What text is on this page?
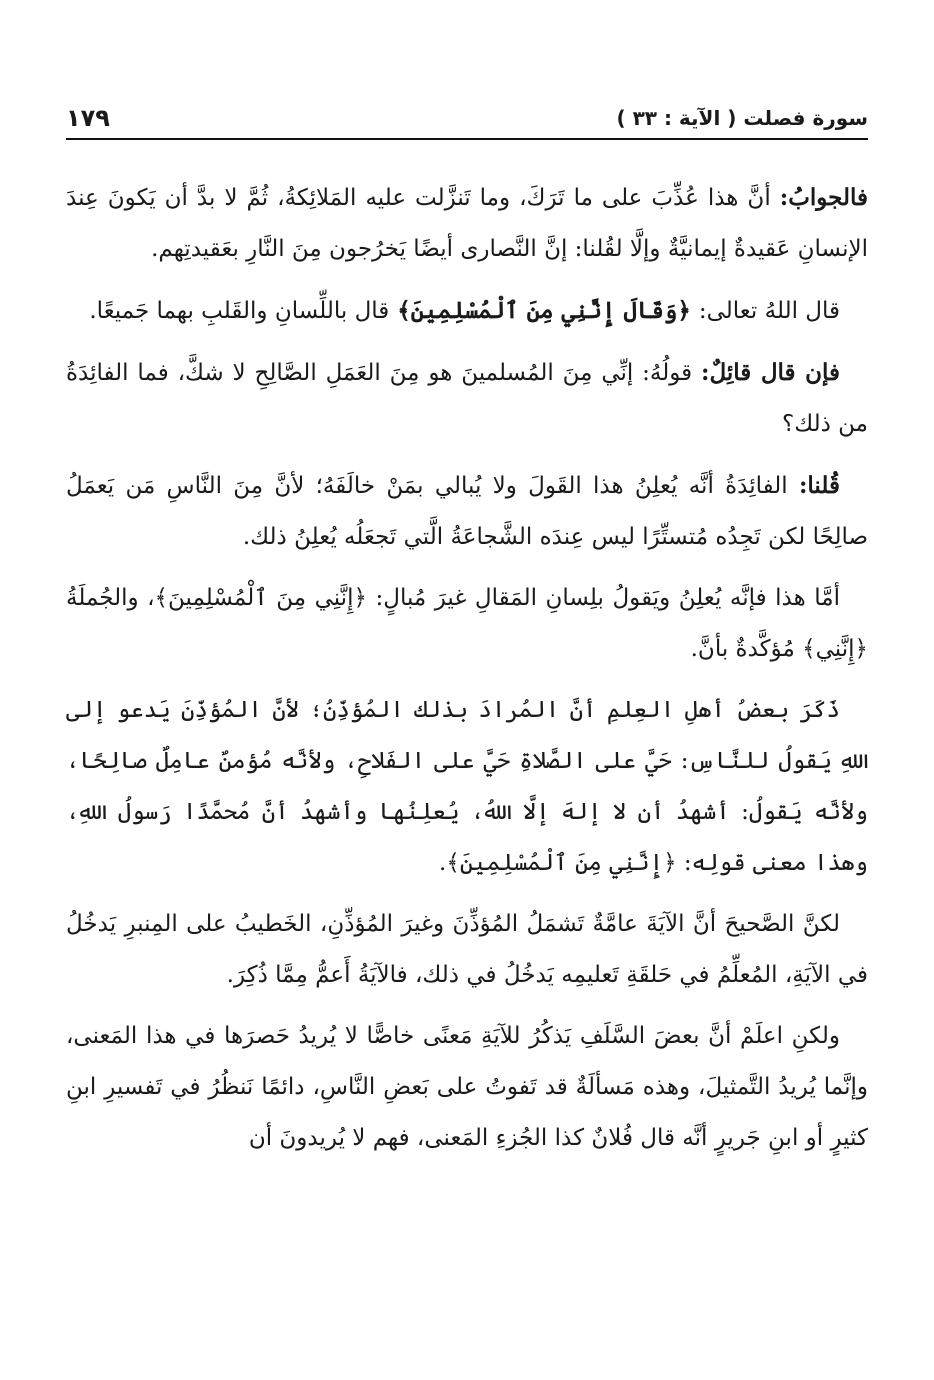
سورة فصلت ( الآية : ٣٣ )
١٧٩

فالجوابُ: أنَّ هذا عُذِّبَ على ما تَرَكَ، وما تَنزَّلت عليه المَلائِكةُ، ثُمَّ لا بدَّ أن يَكونَ عِندَ الإنسانِ عَقيدةٌ إيمانيَّةٌ وإلَّا لقُلنا: إنَّ النَّصارى أيضًا يَخرُجون مِنَ النَّارِ بعَقيدتِهم.

قال اللهُ تعالى: ﴿وَقَالَ إِنَّنِي مِنَ ٱلْمُسْلِمِينَ﴾ قال باللِّسانِ والقَلبِ بهما جَميعًا.

فإن قال قائِلٌ: قولُهُ: إنِّي مِنَ المُسلمينَ هو مِنَ العَمَلِ الصَّالِحِ لا شكَّ، فما الفائِدَةُ من ذلك؟

قُلنا: الفائِدَةُ أنَّه يُعلِنُ هذا القَولَ ولا يُبالي بمَنْ خالَفَهُ؛ لأنَّ مِنَ النَّاسِ مَن يَعمَلُ صالِحًا لكن تَجِدُه مُتستِّرًا ليس عِندَه الشَّجاعَةُ الَّتي تَجعَلُه يُعلِنُ ذلك.

أمَّا هذا فإنَّه يُعلِنُ ويَقولُ بلِسانِ المَقالِ غيرَ مُبالٍ: ﴿إِنَّنِي مِنَ ٱلْمُسْلِمِينَ﴾، والجُملَةُ ﴿إِنَّنِي﴾ مُؤكَّدةٌ بأنَّ.

ذَكَرَ بعضُ أهلِ العِلمِ أنَّ المُرادَ بذلك المُؤذِّنُ؛ لأنَّ المُؤذِّنَ يَدعو إلى اللهِ يَقولُ للنَّاسِ: حَيَّ على الصَّلاةِ حَيَّ على الفَلاحِ، ولأنَّه مُؤمنٌ عامِلٌ صالِحًا، ولأنَّه يَقولُ: أشهدُ أن لا إلهَ إلَّا اللهُ، يُعلِنُها وأشهدُ أنَّ مُحمَّدًا رَسولُ اللهِ، وهذا معنى قولِه: ﴿إِنَّنِي مِنَ ٱلْمُسْلِمِينَ﴾.

لكنَّ الصَّحيحَ أنَّ الآيَةَ عامَّةٌ تَشمَلُ المُؤذِّنَ وغيرَ المُؤذِّنِ، الخَطيبُ على المِنبرِ يَدخُلُ في الآيَةِ، المُعلِّمُ في حَلقَةِ تَعليمِه يَدخُلُ في ذلك، فالآيَةُ أَعمُّ مِمَّا ذُكِرَ.

ولكنِ اعلَمْ أنَّ بعضَ السَّلَفِ يَذكُرُ للآيَةِ مَعنًى خاصًّا لا يُريدُ حَصرَها في هذا المَعنى، وإنَّما يُريدُ التَّمثيلَ، وهذه مَسألَةٌ قد تَفوتُ على بَعضِ النَّاسِ، دائمًا نَنظُرُ في تَفسيرِ ابنِ كثيرٍ أو ابنِ جَريرٍ أنَّه قال فُلانٌ كذا الجُزءِ المَعنى، فهم لا يُريدونَ أن
